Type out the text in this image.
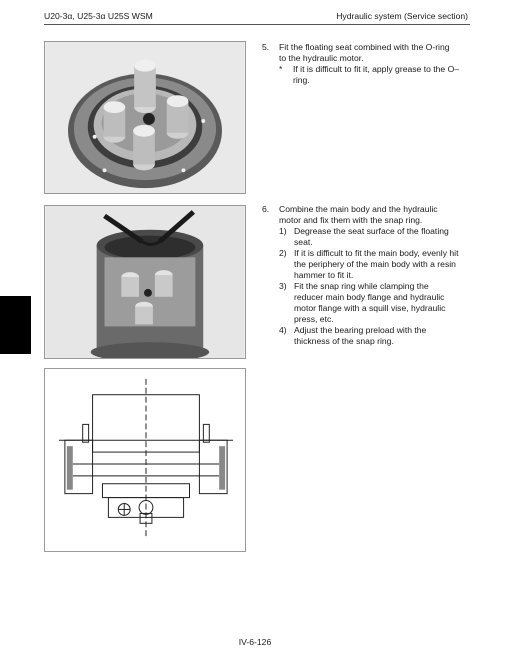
U20-3α, U25-3α U25S WSM	Hydraulic system (Service section)
5. Fit the floating seat combined with the O-ring
to the hydraulic motor.
* If it is difficult to fit it, apply grease to the O–
ring.
6. Combine the main body and the hydraulic
motor and fix them with the snap ring.
1) Degrease the seat surface of the floating
seat.
2) If it is difficult to fit the main body, evenly hit
the periphery of the main body with a resin
hammer to fit it.
3) Fit the snap ring while clamping the
reducer main body flange and hydraulic
motor flange with a squill vise, hydraulic
press, etc.
4) Adjust the bearing preload with the
thickness of the snap ring.
IV-6-126
